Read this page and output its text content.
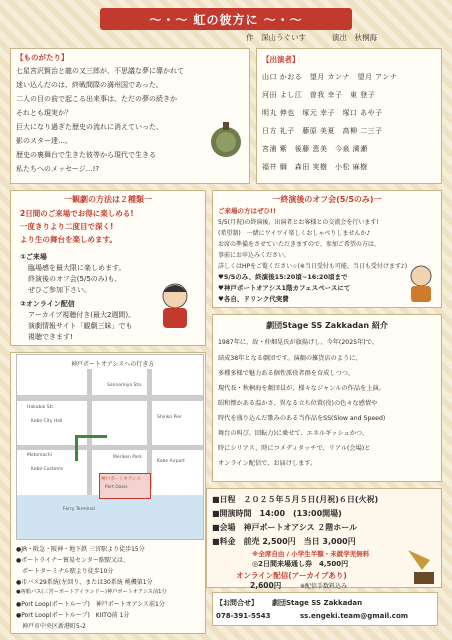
～・～ 虹の彼方に ～・～
作　深山うぐいす	演出　秋桐海
【ものがたり】
七星宮沢賢治と龍の又三郎が、不思議な夢に導かれて
迷い込んだのは、終戦間際の満州国であった。
二人の目の前で起こる出来事は、ただの夢の続きか
それとも現実か？
巨大になり過ぎた歴史の流れに消えていった、
影のスター達…。
歴史の裏舞台で生きた彼等から現代で生きる
私たちへのメッセージ…!?
【出演者】
山口 かおる　望月 カンナ　望月 アンナ
河田 よし江　曽我 幸子　東 登子
明丸 伸也　塚元 幸子　塚口 あや子
日方 礼子　藤原 美夏　高柳 二三子
宮浦 紫　後藤 恵美　今泉 満瀬
福井 綱　森田 実樹　小松 麻樹
一観劇の方法は２種類一
2日間のご来場でお得に楽しめる!
一度きりより二度目で深く!
より生の舞台を楽しめます。
①ご来場
臨場感を最大限に楽しめます。
終演後のオフ会(5/5のみ)も、
ぜひご参加下さい。
②オンライン配信
アーカイブ視聴付き(最大2週間)。
演劇情報サイト「観劇三昧」でも
視聴できます!
一終演後のオフ会(5/5のみ)一
ご来場の方はぜひ!!
5/5(月祝)の終演後、出演者とお客様との交流会を行います!
(希望制)　一緒にワイワイ楽しくおしゃべりしませんか♪
お席の準備をさせていただきますので、参加ご希望の方は、
事前にお申込みください。
詳しくはHPをご覧ください☆(※当日受付も可能、当日も受付けます♪)
♥5/5のみ、終演後15:20頃~16:20頃まで
♥神戸ポートオアシス1階カフェスペースにて
♥各自、ドリンク代実費
劇団Stage SS Zakkadan 紹介
1987年に、故・仲畑晃氏が旗揚げし、今年(2025年)で、
結成38年となる劇団です。演劇の雑貨店のように、
多種多様で魅力ある個性派役者群を育成しつつ、
現代長・秋桐海を劇団員が、様々なジャンルの作品を上演。
昭和懐かある温かさ、異なる立ち位置(役)の色々な感情や
時代を盛り込んだ歌みのある当作品をSS(Slow and Speed)
舞台の叫び、回転力)に乗せて、エネルギッシュかつ、
時にシリアス、時にコメディタッチで、リアル(会場)と
オンライン配信で、お届けします。
神戸ポートオアシスへの行き方
Sannomiya Sta.
Hakubai Str.
Kobe City Hall
Motomachi
Kobe Customs
Port Oasis
Ferry Terminal
Kobe Airport
Shinko Pier
神戸ポートオアシス
Meriken Park
●JR・阪急・阪神・地下鉄 三宮駅より徒歩15分
●ポートライナー貿易センター駅駅又は、
　ポートターミナル駅より徒歩10分
●市バス29系統(左回り、または30系統 桃機第1分
●客船バス(三宮ーポートアイランドー)神戸ポートオアシス前1分
●Port Loop(ポートループ)　神戸ポートオアシス前1分
●Port Loop(ポートループ)　KIITO前 1分
　神戸市中央区新港町5-2
■日程　２０２５年５月５日(月祝)６日(火祝)
■開演時間　14:00　(13:00開場)
■会場　神戸ポートオアシス ２階ホール
■料金　前売 2,500円　当日 3,000円
※全席自由 / 小学生半額・未就学児無料
◎2日間来場通し券　4,500円
オンライン配信(アーカイブあり)
2,600円	※配信手数料込み
【お問合せ】 劇団Stage SS Zakkadan
078-391-5543	ss.engeki.team@gmail.com
